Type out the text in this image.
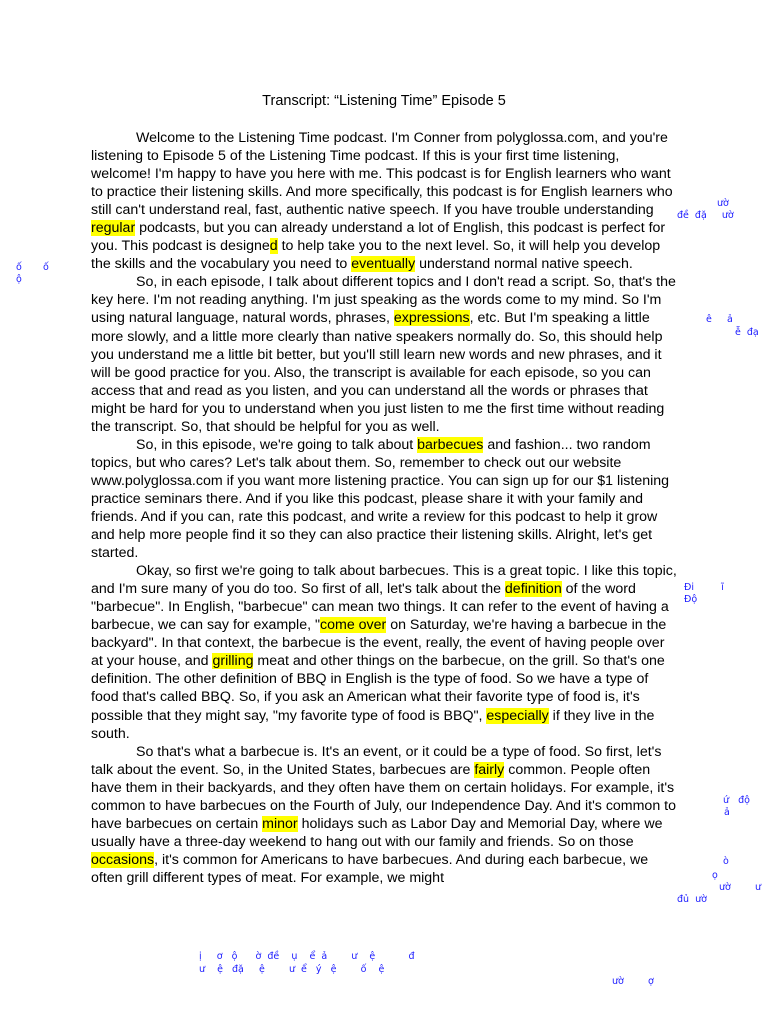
Transcript: “Listening Time” Episode 5

Welcome to the Listening Time podcast. I'm Conner from polyglossa.com, and you're listening to Episode 5 of the Listening Time podcast. If this is your first time listening, welcome! I'm happy to have you here with me. This podcast is for English learners who want to practice their listening skills. And more specifically, this podcast is for English learners who still can't understand real, fast, authentic native speech. If you have trouble understanding regular podcasts, but you can already understand a lot of English, this podcast is perfect for you. This podcast is designed to help take you to the next level. So, it will help you develop the skills and the vocabulary you need to eventually understand normal native speech.

So, in each episode, I talk about different topics and I don't read a script. So, that's the key here. I'm not reading anything. I'm just speaking as the words come to my mind. So I'm using natural language, natural words, phrases, expressions, etc. But I'm speaking a little more slowly, and a little more clearly than native speakers normally do. So, this should help you understand me a little bit better, but you'll still learn new words and new phrases, and it will be good practice for you. Also, the transcript is available for each episode, so you can access that and read as you listen, and you can understand all the words or phrases that might be hard for you to understand when you just listen to me the first time without reading the transcript. So, that should be helpful for you as well.

So, in this episode, we're going to talk about barbecues and fashion... two random topics, but who cares? Let's talk about them. So, remember to check out our website www.polyglossa.com if you want more listening practice. You can sign up for our $1 listening practice seminars there. And if you like this podcast, please share it with your family and friends. And if you can, rate this podcast, and write a review for this podcast to help it grow and help more people find it so they can also practice their listening skills. Alright, let's get started.

Okay, so first we're going to talk about barbecues. This is a great topic. I like this topic, and I'm sure many of you do too. So first of all, let's talk about the definition of the word "barbecue". In English, "barbecue" can mean two things. It can refer to the event of having a barbecue, we can say for example, "come over on Saturday, we're having a barbecue in the backyard". In that context, the barbecue is the event, really, the event of having people over at your house, and grilling meat and other things on the barbecue, on the grill. So that's one definition. The other definition of BBQ in English is the type of food. So we have a type of food that's called BBQ. So, if you ask an American what their favorite type of food is, it's possible that they might say, "my favorite type of food is BBQ", especially if they live in the south.

So that's what a barbecue is. It's an event, or it could be a type of food. So first, let's talk about the event. So, in the United States, barbecues are fairly common. People often have them in their backyards, and they often have them on certain holidays. For example, it's common to have barbecues on the Fourth of July, our Independence Day. And it's common to have barbecues on certain minor holidays such as Labor Day and Memorial Day, where we usually have a three-day weekend to hang out with our family and friends. So on those occasions, it's common for Americans to have barbecues. And during each barbecue, we often grill different types of meat. For example, we might

ườ
đề  đặ     ườ
ố       ố
ộ
ê     ả
ễ  đạ
Đi         ĩ
Độ
ứ   độ
ả
ò
ọ
ườ        ư
đủ  ườ
ị     ơ   ộ      ờ  đề    ụ    ể  ả        ư    ệ           đ
ư    ệ   đặ     ệ        ư  ể   ý   ệ        ố    ệ
ườ        ợ
